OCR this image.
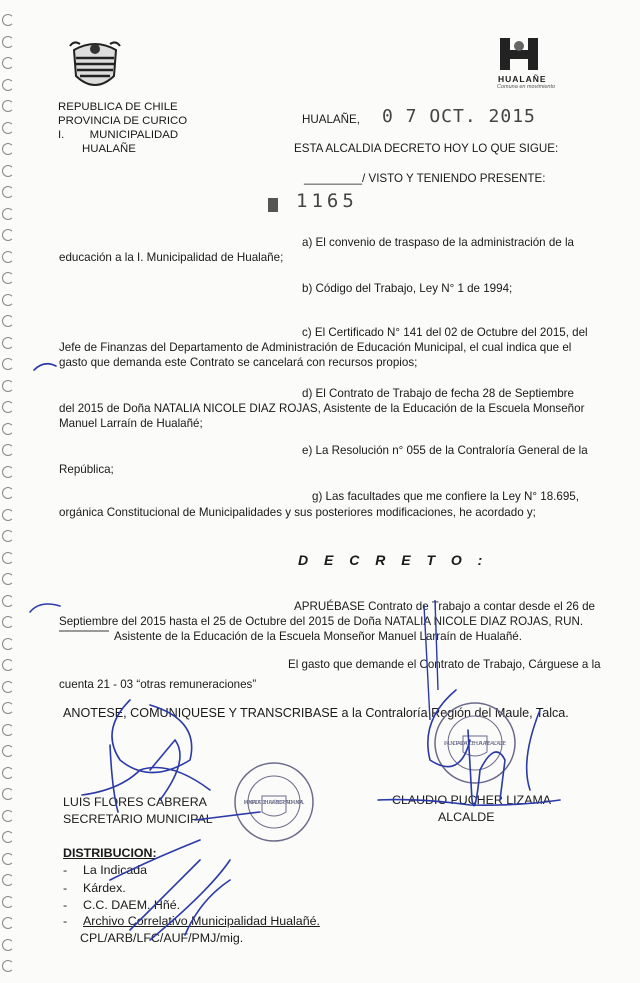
REPUBLICA DE CHILE
PROVINCIA DE CURICO
I.        MUNICIPALIDAD
HUALAÑE
HUALAÑE
Comuna en movimiento
HUALAÑE, 0 7 OCT. 2015
ESTA ALCALDIA DECRETO HOY LO QUE SIGUE:
_________/ VISTO Y TENIENDO PRESENTE:
1165
a) El convenio de traspaso de la administración de la
educación a la I. Municipalidad de Hualañe;
b) Código del Trabajo, Ley N° 1 de 1994;
c) El Certificado N° 141 del 02 de Octubre del 2015, del
Jefe de Finanzas del Departamento de Administración de Educación Municipal, el cual indica que el
gasto que demanda este Contrato se cancelará con recursos propios;
d) El Contrato de Trabajo de fecha 28 de Septiembre
del 2015 de Doña NATALIA NICOLE DIAZ ROJAS, Asistente de la Educación de la Escuela Monseñor
Manuel Larraín de Hualañé;
e) La Resolución n° 055 de la Contraloría General de la
República;
g) Las facultades que me confiere la Ley N° 18.695,
orgánica Constitucional de Municipalidades y sus posteriores modificaciones, he acordado y;
D E C R E T O :
APRUÉBASE Contrato de Trabajo a contar desde el 26 de
Septiembre del 2015 hasta el 25 de Octubre del 2015 de Doña NATALIA NICOLE DIAZ ROJAS, RUN.
Asistente de la Educación de la Escuela Monseñor Manuel Larraín de Hualañé.
El gasto que demande el Contrato de Trabajo, Cárguese a la
cuenta 21 - 03 “otras remuneraciones”
ANOTESE, COMUNIQUESE Y TRANSCRIBASE a la Contraloría Región del Maule, Talca.
LUIS FLORES CABRERA
SECRETARIO MUNICIPAL
CLAUDIO PUCHER LIZAMA
ALCALDE
I. MUNICIPALIDAD DE HUALAÑE · SECRETARIO MUNICIPAL
I. MUNICIPALIDAD DE HUALAÑE · ALCALDE
DISTRIBUCION:
- La Indicada
- Kárdex.
- C.C. DAEM. Hñé.
- Archivo Correlativo Municipalidad Hualañé.
CPL/ARB/LFC/AUF/PMJ/mig.
